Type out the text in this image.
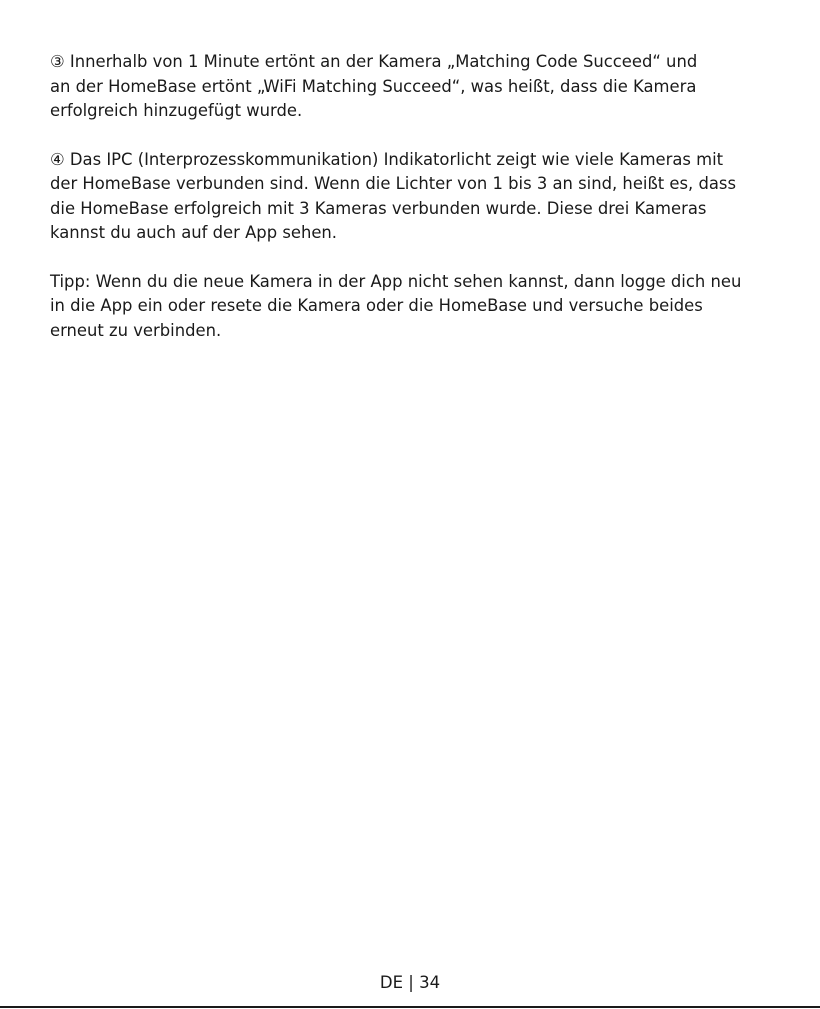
③ Innerhalb von 1 Minute ertönt an der Kamera „Matching Code Succeed“ und
an der HomeBase ertönt „WiFi Matching Succeed“, was heißt, dass die Kamera
erfolgreich hinzugefügt wurde.

④ Das IPC (Interprozesskommunikation) Indikatorlicht zeigt wie viele Kameras mit
der HomeBase verbunden sind. Wenn die Lichter von 1 bis 3 an sind, heißt es, dass
die HomeBase erfolgreich mit 3 Kameras verbunden wurde. Diese drei Kameras
kannst du auch auf der App sehen.

Tipp: Wenn du die neue Kamera in der App nicht sehen kannst, dann logge dich neu
in die App ein oder resete die Kamera oder die HomeBase und versuche beides
erneut zu verbinden.

DE | 34
